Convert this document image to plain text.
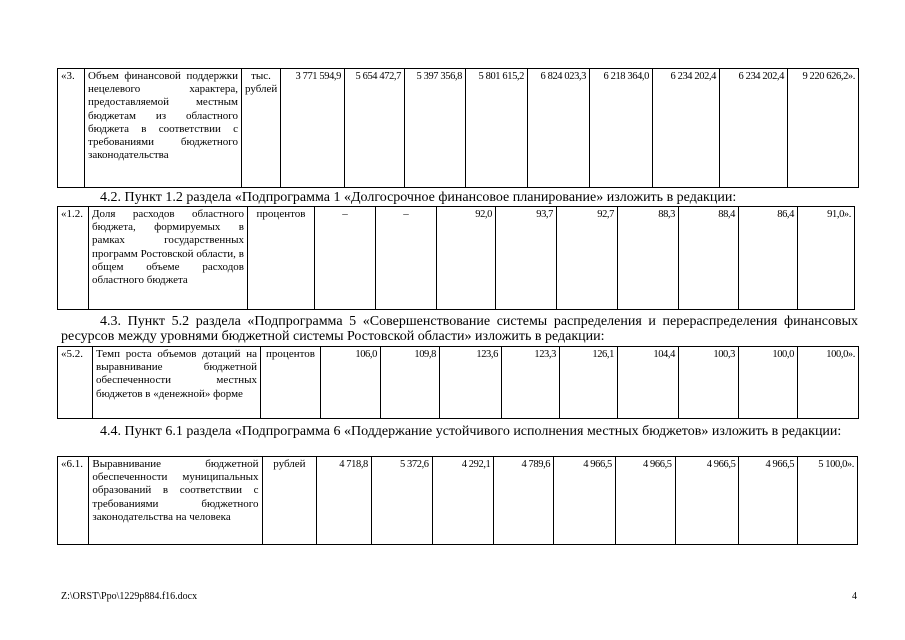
«3.	Объем финансовой поддержки нецелевого характера, предоставляемой местным бюджетам из областного бюджета в соответствии с требованиями бюджетного законодательства	тыс. рублей	3 771 594,9	5 654 472,7	5 397 356,8	5 801 615,2	6 824 023,3	6 218 364,0	6 234 202,4	6 234 202,4	9 220 626,2».
4.2. Пункт 1.2 раздела «Подпрограмма 1 «Долгосрочное финансовое планирование» изложить в редакции:
«1.2.	Доля расходов областного бюджета, формируемых в рамках государственных программ Ростовской области, в общем объеме расходов областного бюджета	процентов	–	–	92,0	93,7	92,7	88,3	88,4	86,4	91,0».
4.3. Пункт 5.2 раздела «Подпрограмма 5 «Совершенствование системы распределения и перераспределения финансовых ресурсов между уровнями бюджетной системы Ростовской области» изложить в редакции:
«5.2.	Темп роста объемов дотаций на выравнивание бюджетной обеспеченности местных бюджетов в «денежной» форме	процентов	106,0	109,8	123,6	123,3	126,1	104,4	100,3	100,0	100,0».
4.4. Пункт 6.1 раздела «Подпрограмма 6 «Поддержание устойчивого исполнения местных бюджетов» изложить в редакции:
«6.1.	Выравнивание бюджетной обеспеченности муниципальных образований в соответствии с требованиями бюджетного законодательства на человека	рублей	4 718,8	5 372,6	4 292,1	4 789,6	4 966,5	4 966,5	4 966,5	4 966,5	5 100,0».
Z:\ORST\Ppo\1229p884.f16.docx	4
